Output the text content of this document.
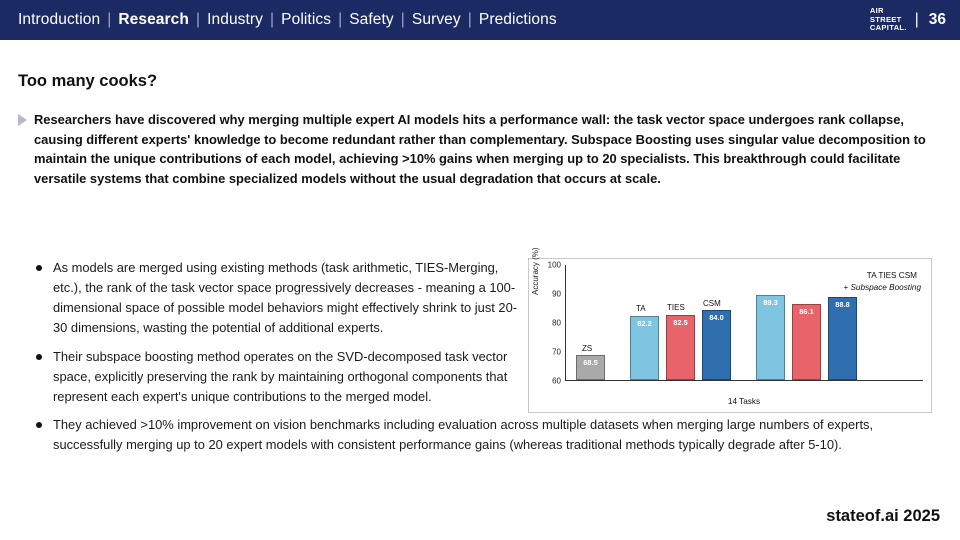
Introduction | Research | Industry | Politics | Safety | Survey | Predictions
AIR
STREET
CAPITAL. | 36
Too many cooks?
Researchers have discovered why merging multiple expert AI models hits a performance wall: the task vector space undergoes rank collapse, causing different experts' knowledge to become redundant rather than complementary. Subspace Boosting uses singular value decomposition to maintain the unique contributions of each model, achieving >10% gains when merging up to 20 specialists. This breakthrough could facilitate versatile systems that combine specialized models without the usual degradation that occurs at scale.
As models are merged using existing methods (task arithmetic, TIES-Merging, etc.), the rank of the task vector space progressively decreases - meaning a 100-dimensional space of possible model behaviors might effectively shrink to just 20-30 dimensions, wasting the potential of additional experts.
Their subspace boosting method operates on the SVD-decomposed task vector space, explicitly preserving the rank by maintaining orthogonal components that represent each expert's unique contributions to the merged model.
They achieved >10% improvement on vision benchmarks including evaluation across multiple datasets when merging large numbers of experts, successfully merging up to 20 expert models with consistent performance gains (whereas traditional methods typically degrade after 5-10).
Accuracy (%) 100
90
80
70
60
68.5
ZS
82.2
TA
82.5
TIES
84.0
CSM	89.3
86.1
88.8
TA TIES CSM
+ Subspace Boosting
14 Tasks
stateof.ai 2025
